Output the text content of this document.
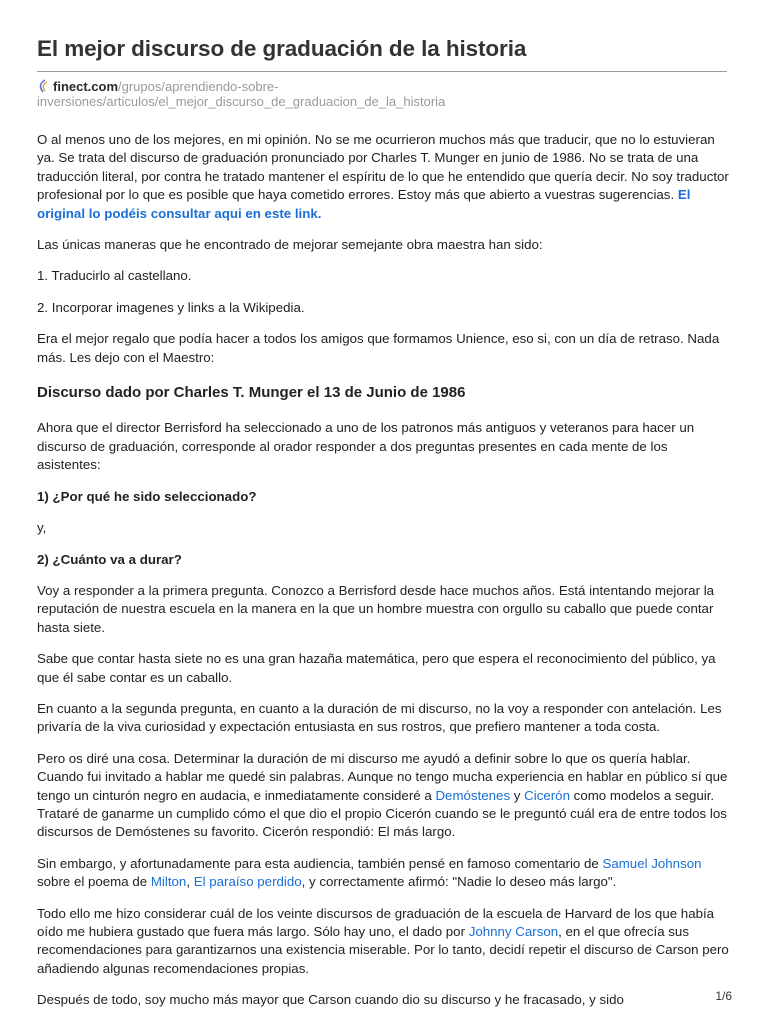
El mejor discurso de graduación de la historia
finect.com/grupos/aprendiendo-sobre-
inversiones/articulos/el_mejor_discurso_de_graduacion_de_la_historia

O al menos uno de los mejores, en mi opinión. No se me ocurrieron muchos más que traducir, que no lo estuvieran ya. Se trata del discurso de graduación pronunciado por Charles T. Munger en junio de 1986. No se trata de una traducción literal, por contra he tratado mantener el espíritu de lo que he entendido que quería decir. No soy traductor profesional por lo que es posible que haya cometido errores. Estoy más que abierto a vuestras sugerencias. El original lo podéis consultar aqui en este link.

Las únicas maneras que he encontrado de mejorar semejante obra maestra han sido:

1. Traducirlo al castellano.

2. Incorporar imagenes y links a la Wikipedia.

Era el mejor regalo que podía hacer a todos los amigos que formamos Unience, eso si, con un día de retraso. Nada más. Les dejo con el Maestro:

Discurso dado por Charles T. Munger el 13 de Junio de 1986

Ahora que el director Berrisford ha seleccionado a uno de los patronos más antiguos y veteranos para hacer un discurso de graduación, corresponde al orador responder a dos preguntas presentes en cada mente de los asistentes:

1) ¿Por qué he sido seleccionado?

y,

2) ¿Cuánto va a durar?

Voy a responder a la primera pregunta. Conozco a Berrisford desde hace muchos años. Está intentando mejorar la reputación de nuestra escuela en la manera en la que un hombre muestra con orgullo su caballo que puede contar hasta siete.

Sabe que contar hasta siete no es una gran hazaña matemática, pero que espera el reconocimiento del público, ya que él sabe contar es un caballo.

En cuanto a la segunda pregunta, en cuanto a la duración de mi discurso, no la voy a responder con antelación. Les privaría de la viva curiosidad y expectación entusiasta en sus rostros, que prefiero mantener a toda costa.

Pero os diré una cosa. Determinar la duración de mi discurso me ayudó a definir sobre lo que os quería hablar. Cuando fui invitado a hablar me quedé sin palabras. Aunque no tengo mucha experiencia en hablar en público sí que tengo un cinturón negro en audacia, e inmediatamente consideré a Demóstenes y Cicerón como modelos a seguir. Trataré de ganarme un cumplido cómo el que dio el propio Cicerón cuando se le preguntó cuál era de entre todos los discursos de Demóstenes su favorito. Cicerón respondió: El más largo.

Sin embargo, y afortunadamente para esta audiencia, también pensé en famoso comentario de Samuel Johnson sobre el poema de Milton, El paraíso perdido, y correctamente afirmó: "Nadie lo deseo más largo".

Todo ello me hizo considerar cuál de los veinte discursos de graduación de la escuela de Harvard de los que había oído me hubiera gustado que fuera más largo. Sólo hay uno, el dado por Johnny Carson, en el que ofrecía sus recomendaciones para garantizarnos una existencia miserable. Por lo tanto, decidí repetir el discurso de Carson pero añadiendo algunas recomendaciones propias.

Después de todo, soy mucho más mayor que Carson cuando dio su discurso y he fracasado, y sido	1/6
